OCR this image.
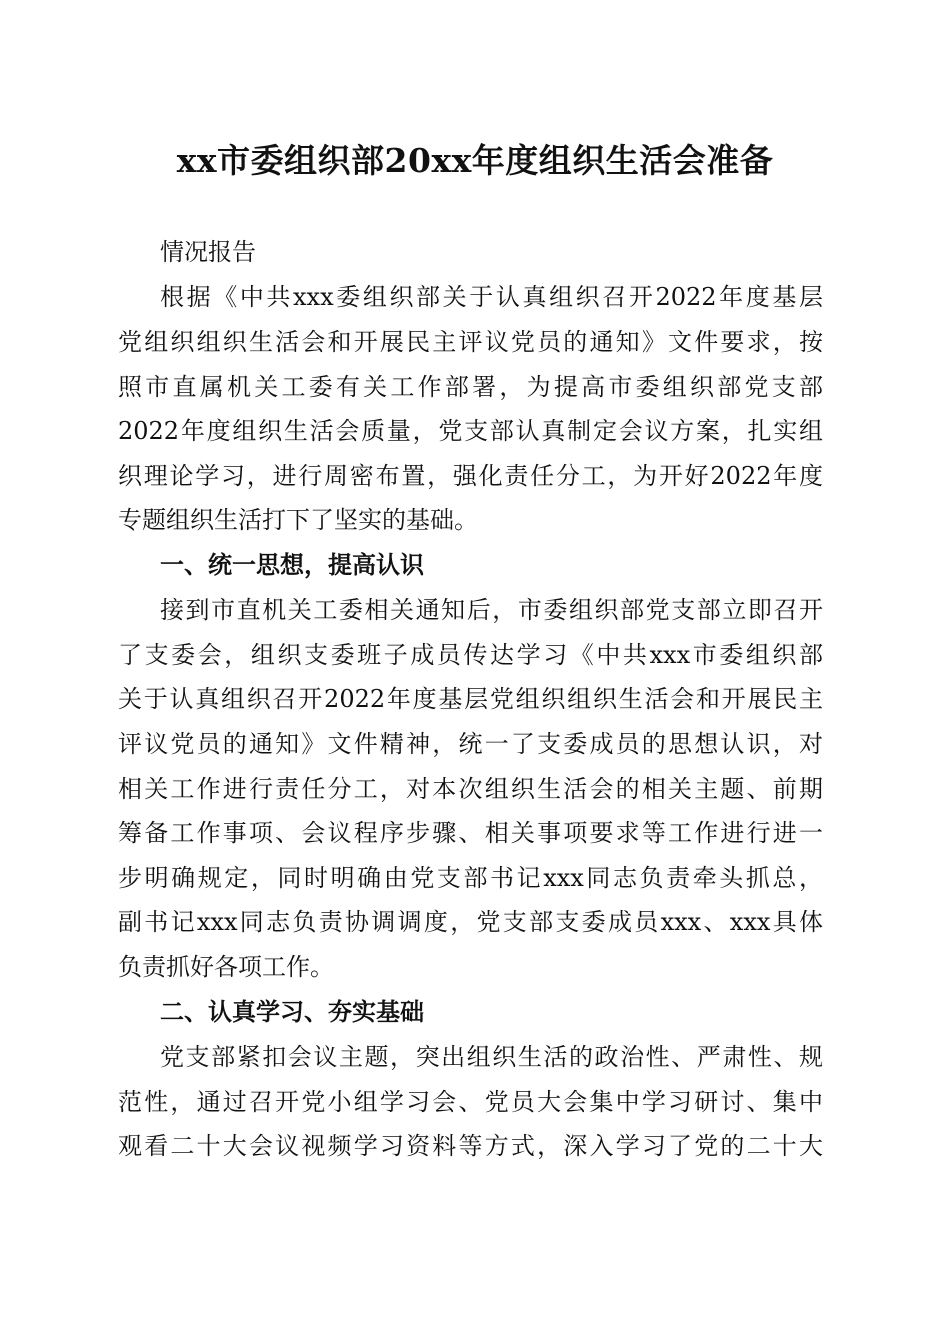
xx市委组织部20xx年度组织生活会准备
情况报告
根据《中共xxx委组织部关于认真组织召开2022年度基层
党组织组织生活会和开展民主评议党员的通知》文件要求，按
照市直属机关工委有关工作部署，为提高市委组织部党支部
2022年度组织生活会质量，党支部认真制定会议方案，扎实组
织理论学习，进行周密布置，强化责任分工，为开好2022年度
专题组织生活打下了坚实的基础。
一、统一思想，提高认识
接到市直机关工委相关通知后，市委组织部党支部立即召开
了支委会，组织支委班子成员传达学习《中共xxx市委组织部
关于认真组织召开2022年度基层党组织组织生活会和开展民主
评议党员的通知》文件精神，统一了支委成员的思想认识，对
相关工作进行责任分工，对本次组织生活会的相关主题、前期
筹备工作事项、会议程序步骤、相关事项要求等工作进行进一
步明确规定，同时明确由党支部书记xxx同志负责牵头抓总，
副书记xxx同志负责协调调度，党支部支委成员xxx、xxx具体
负责抓好各项工作。
二、认真学习、夯实基础
党支部紧扣会议主题，突出组织生活的政治性、严肃性、规
范性，通过召开党小组学习会、党员大会集中学习研讨、集中
观看二十大会议视频学习资料等方式，深入学习了党的二十大
